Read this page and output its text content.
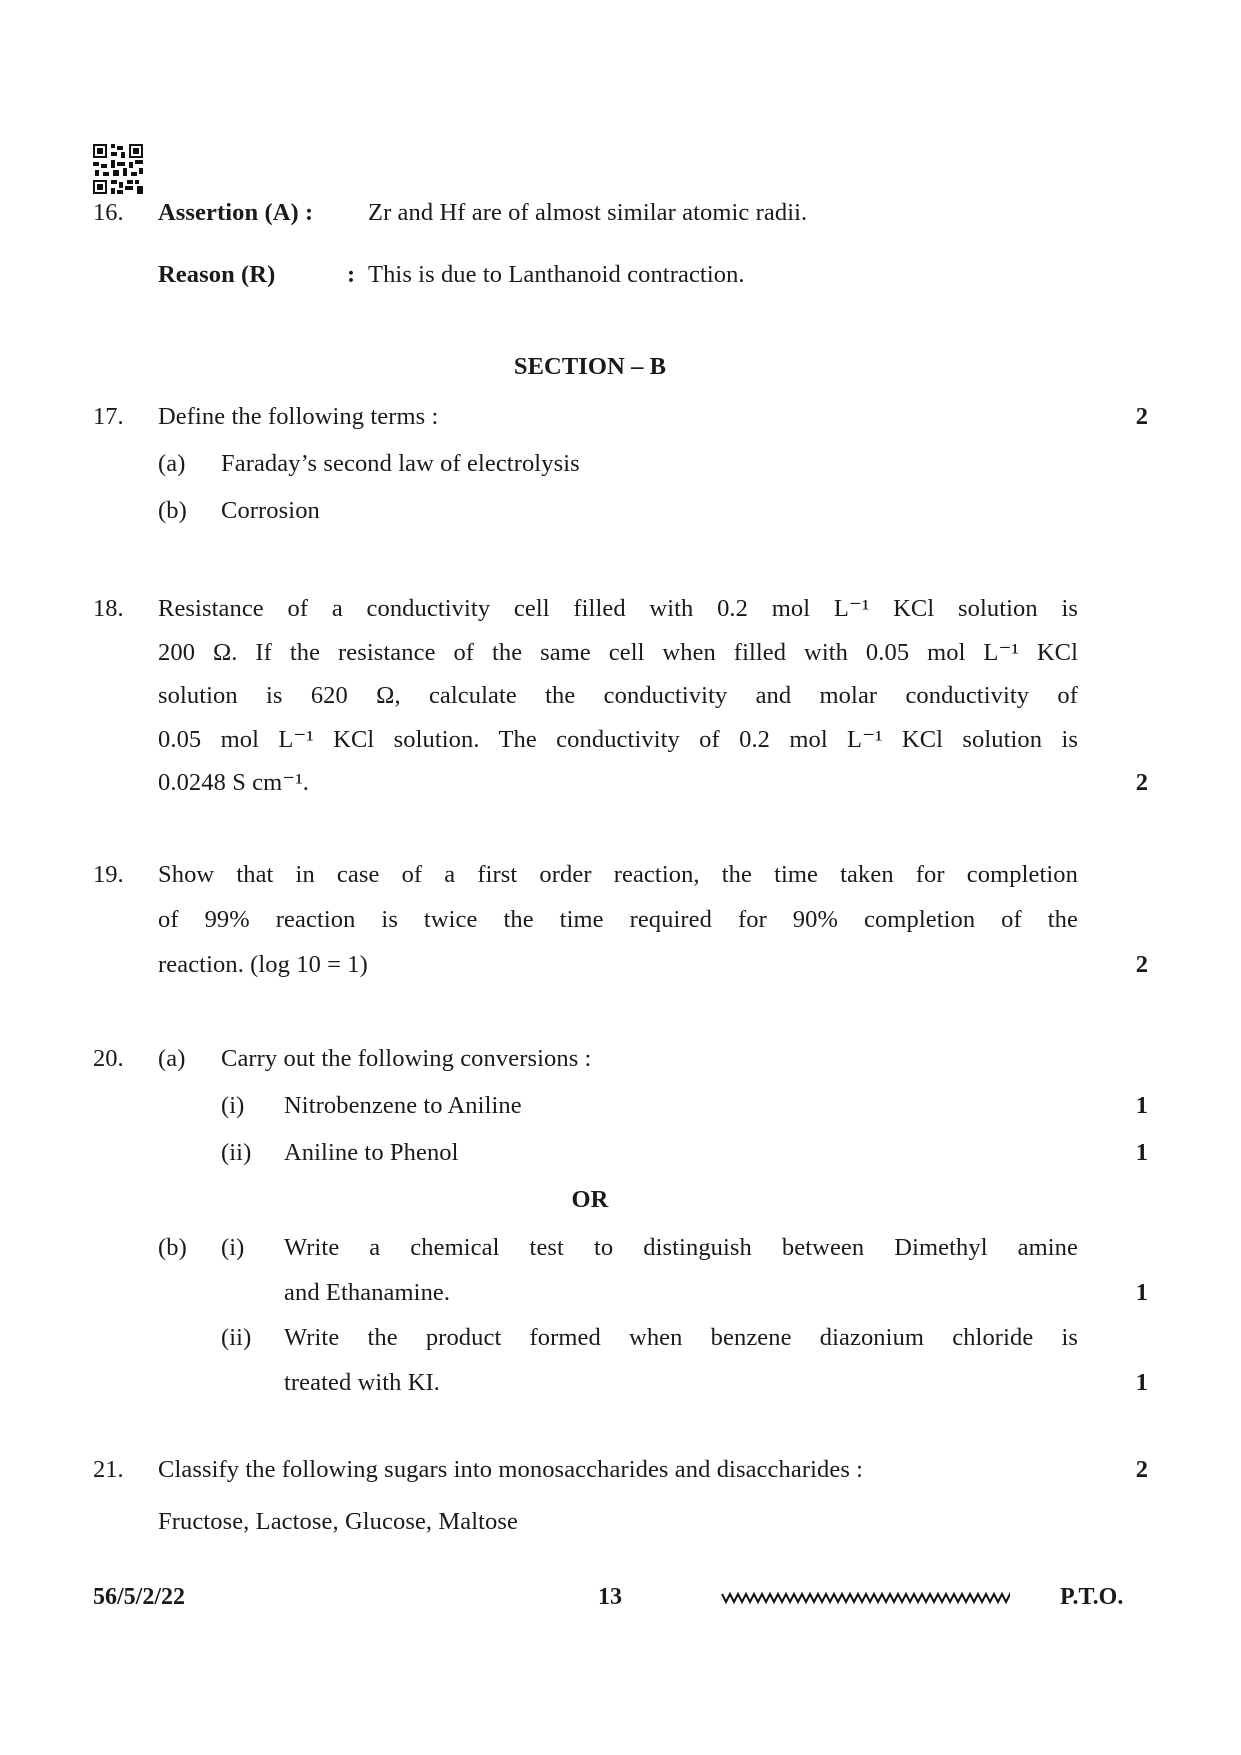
16. Assertion (A) : Zr and Hf are of almost similar atomic radii.
Reason (R)	: This is due to Lanthanoid contraction.
SECTION – B
17. Define the following terms :	2
(a) Faraday’s second law of electrolysis
(b) Corrosion
18. Resistance of a conductivity cell filled with 0.2 mol L⁻¹ KCl solution is
200 Ω. If the resistance of the same cell when filled with 0.05 mol L⁻¹ KCl
solution is 620 Ω, calculate the conductivity and molar conductivity of
0.05 mol L⁻¹ KCl solution. The conductivity of 0.2 mol L⁻¹ KCl solution is
0.0248 S cm⁻¹.	2
19. Show that in case of a first order reaction, the time taken for completion
of 99% reaction is twice the time required for 90% completion of the
reaction. (log 10 = 1)	2
20. (a) Carry out the following conversions :
(i) Nitrobenzene to Aniline	1
(ii) Aniline to Phenol	1
OR
(b) (i) Write a chemical test to distinguish between Dimethyl amine
and Ethanamine.	1
(ii) Write the product formed when benzene diazonium chloride is
treated with KI.	1
21. Classify the following sugars into monosaccharides and disaccharides :	2
Fructose, Lactose, Glucose, Maltose
56/5/2/22	13	P.T.O.
